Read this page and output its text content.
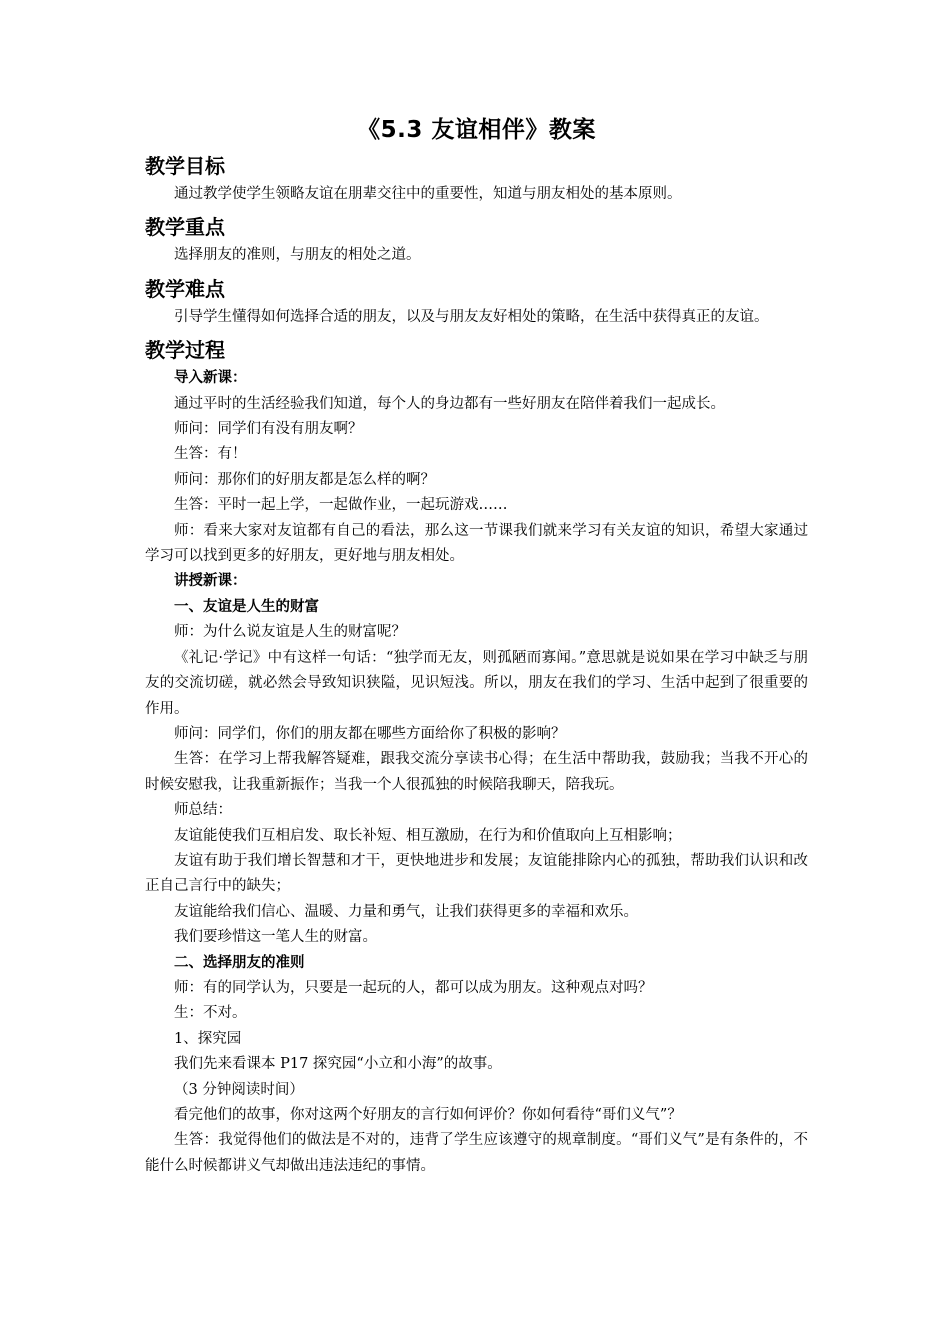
《5.3 友谊相伴》教案
教学目标

通过教学使学生领略友谊在朋辈交往中的重要性，知道与朋友相处的基本原则。

教学重点

选择朋友的准则，与朋友的相处之道。

教学难点

引导学生懂得如何选择合适的朋友，以及与朋友友好相处的策略，在生活中获得真正的友谊。

教学过程

导入新课：

通过平时的生活经验我们知道，每个人的身边都有一些好朋友在陪伴着我们一起成长。

师问：同学们有没有朋友啊？

生答：有！

师问：那你们的好朋友都是怎么样的啊？

生答：平时一起上学，一起做作业，一起玩游戏……

师：看来大家对友谊都有自己的看法，那么这一节课我们就来学习有关友谊的知识，希望大家通过学习可以找到更多的好朋友，更好地与朋友相处。

讲授新课：

一、友谊是人生的财富

师：为什么说友谊是人生的财富呢？

《礼记·学记》中有这样一句话：“独学而无友，则孤陋而寡闻。”意思就是说如果在学习中缺乏与朋友的交流切磋，就必然会导致知识狭隘，见识短浅。所以，朋友在我们的学习、生活中起到了很重要的作用。

师问：同学们，你们的朋友都在哪些方面给你了积极的影响？

生答：在学习上帮我解答疑难，跟我交流分享读书心得；在生活中帮助我，鼓励我；当我不开心的时候安慰我，让我重新振作；当我一个人很孤独的时候陪我聊天，陪我玩。

师总结：

友谊能使我们互相启发、取长补短、相互激励，在行为和价值取向上互相影响；

友谊有助于我们增长智慧和才干，更快地进步和发展；友谊能排除内心的孤独，帮助我们认识和改正自己言行中的缺失；

友谊能给我们信心、温暖、力量和勇气，让我们获得更多的幸福和欢乐。

我们要珍惜这一笔人生的财富。

二、选择朋友的准则

师：有的同学认为，只要是一起玩的人，都可以成为朋友。这种观点对吗？

生：不对。

1、探究园

我们先来看课本 P17 探究园“小立和小海”的故事。

（3 分钟阅读时间）

看完他们的故事，你对这两个好朋友的言行如何评价？你如何看待“哥们义气”？

生答：我觉得他们的做法是不对的，违背了学生应该遵守的规章制度。“哥们义气”是有条件的，不能什么时候都讲义气却做出违法违纪的事情。
